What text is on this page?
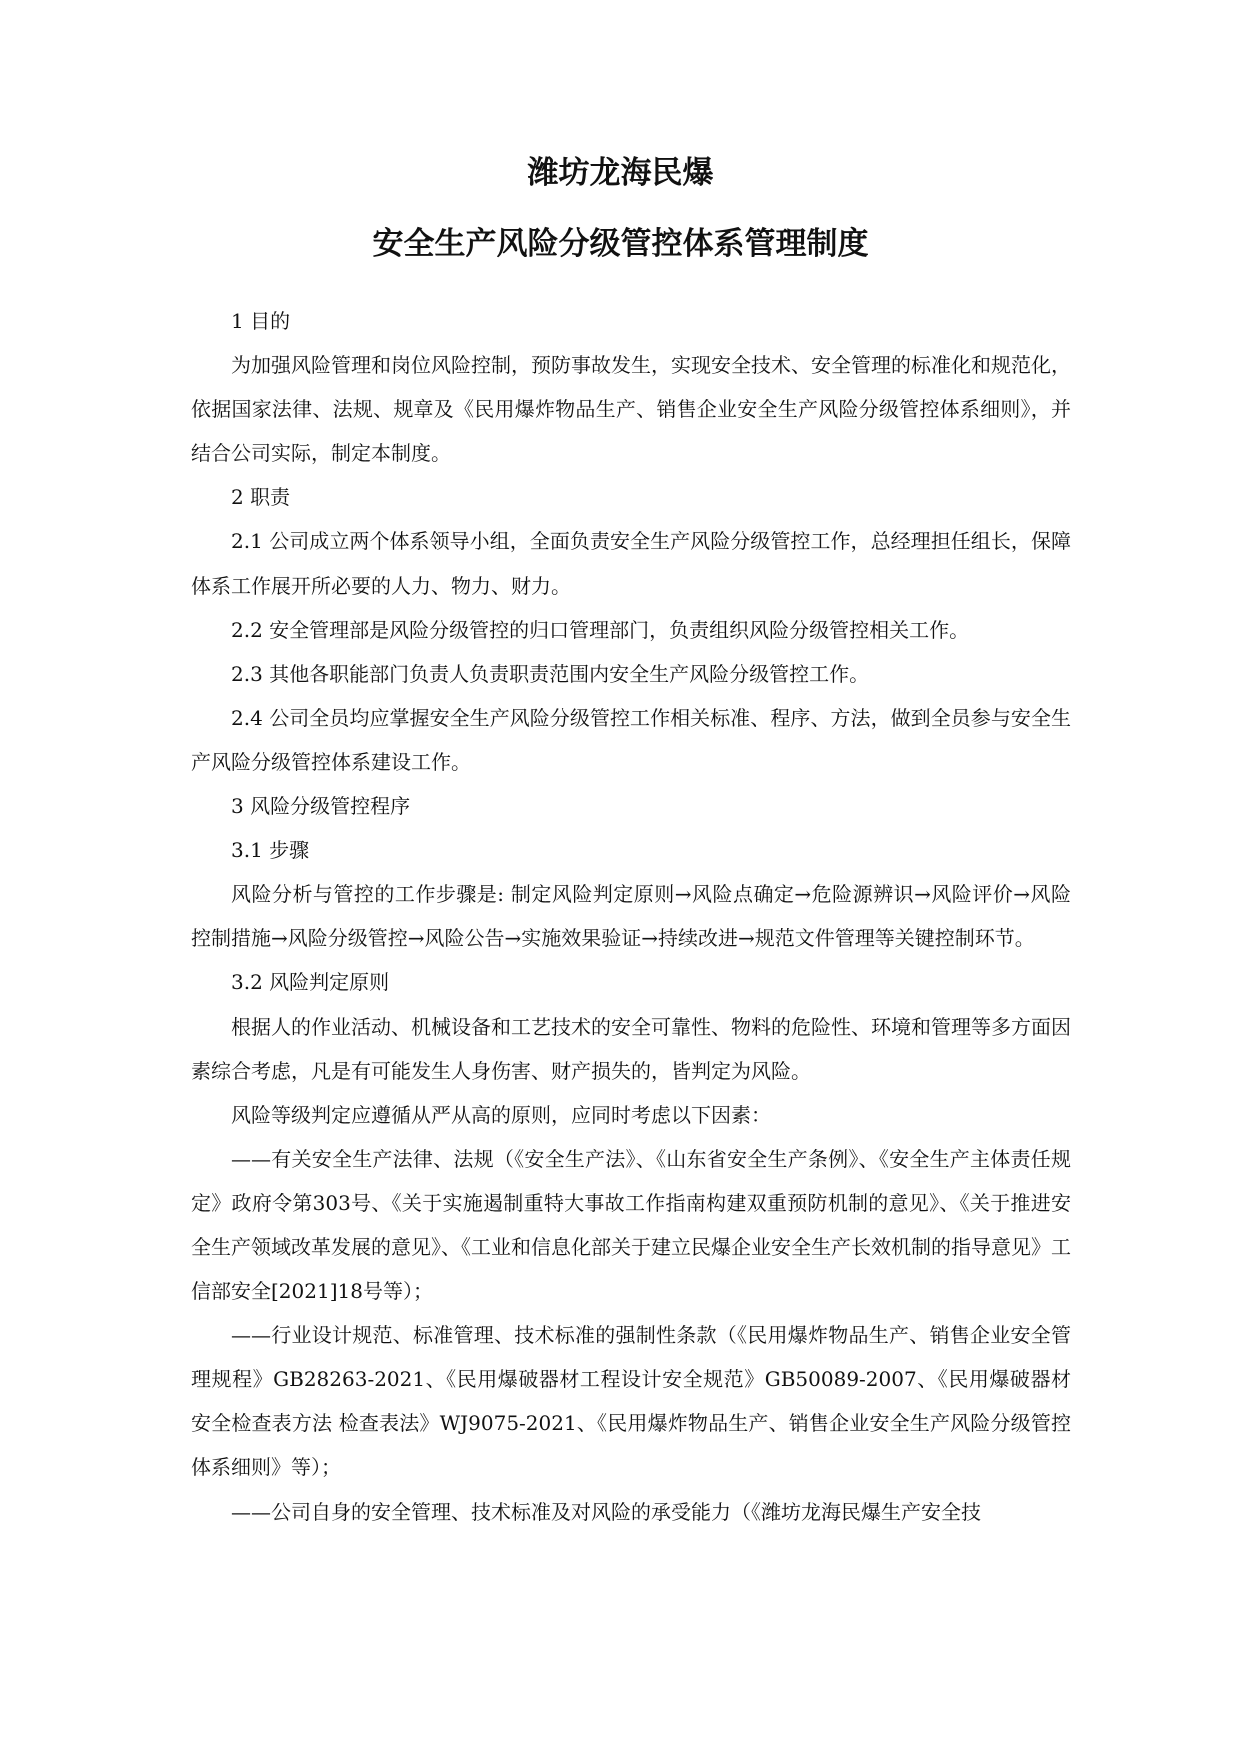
潍坊龙海民爆
安全生产风险分级管控体系管理制度

1 目的

为加强风险管理和岗位风险控制，预防事故发生，实现安全技术、安全管理的标准化和规范化，依据国家法律、法规、规章及《民用爆炸物品生产、销售企业安全生产风险分级管控体系细则》，并结合公司实际，制定本制度。

2 职责

2.1 公司成立两个体系领导小组，全面负责安全生产风险分级管控工作，总经理担任组长，保障体系工作展开所必要的人力、物力、财力。

2.2 安全管理部是风险分级管控的归口管理部门，负责组织风险分级管控相关工作。

2.3 其他各职能部门负责人负责职责范围内安全生产风险分级管控工作。

2.4 公司全员均应掌握安全生产风险分级管控工作相关标准、程序、方法，做到全员参与安全生产风险分级管控体系建设工作。

3 风险分级管控程序

3.1 步骤

风险分析与管控的工作步骤是: 制定风险判定原则→风险点确定→危险源辨识→风险评价→风险控制措施→风险分级管控→风险公告→实施效果验证→持续改进→规范文件管理等关键控制环节。

3.2 风险判定原则

根据人的作业活动、机械设备和工艺技术的安全可靠性、物料的危险性、环境和管理等多方面因素综合考虑，凡是有可能发生人身伤害、财产损失的，皆判定为风险。

风险等级判定应遵循从严从高的原则，应同时考虑以下因素：

——有关安全生产法律、法规（《安全生产法》、《山东省安全生产条例》、《安全生产主体责任规定》政府令第303号、《关于实施遏制重特大事故工作指南构建双重预防机制的意见》、《关于推进安全生产领域改革发展的意见》、《工业和信息化部关于建立民爆企业安全生产长效机制的指导意见》工信部安全[2021]18号等）；

——行业设计规范、标准管理、技术标准的强制性条款（《民用爆炸物品生产、销售企业安全管理规程》GB28263-2021、《民用爆破器材工程设计安全规范》GB50089-2007、《民用爆破器材安全检查表方法 检查表法》WJ9075-2021、《民用爆炸物品生产、销售企业安全生产风险分级管控体系细则》等）；

——公司自身的安全管理、技术标准及对风险的承受能力（《潍坊龙海民爆生产安全技
